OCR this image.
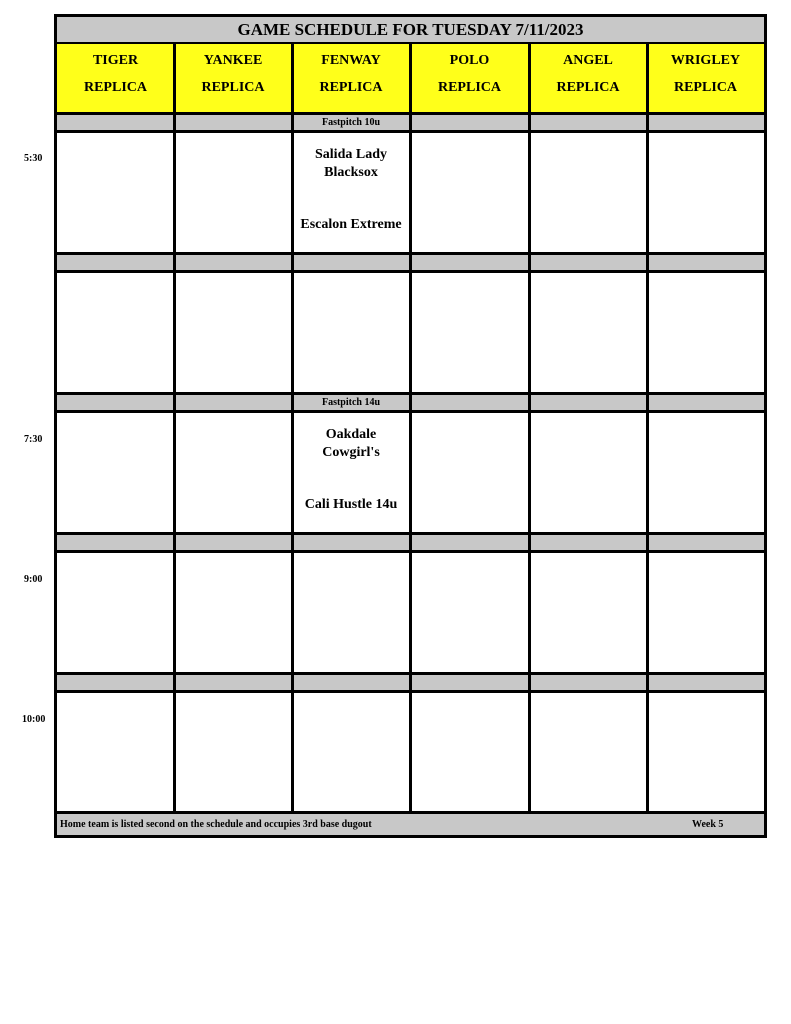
5:30
7:30
9:00
10:00
GAME SCHEDULE FOR TUESDAY 7/11/2023
TIGER
REPLICA
YANKEE
REPLICA
FENWAY
REPLICA
POLO
REPLICA
ANGEL
REPLICA
WRIGLEY
REPLICA
Fastpitch 10u
Salida Lady Blacksox
Escalon Extreme
Fastpitch 14u
Oakdale Cowgirl's
Cali Hustle 14u
Home team is listed second on the schedule and occupies 3rd base dugout	Week 5
